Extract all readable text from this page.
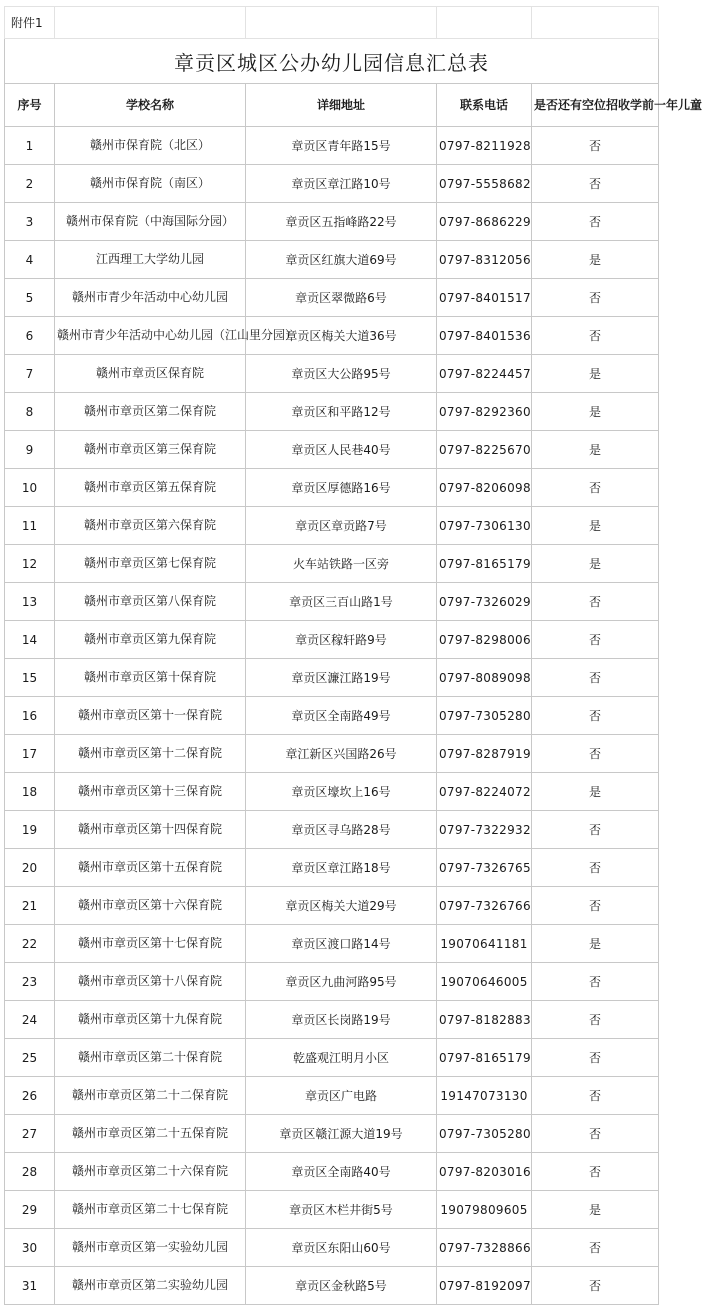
附件1				
章贡区城区公办幼儿园信息汇总表				
序号	学校名称	详细地址	联系电话	是否还有空位招收学前一年儿童
1	赣州市保育院（北区）	章贡区青年路15号	0797-8211928	否
2	赣州市保育院（南区）	章贡区章江路10号	0797-5558682	否
3	赣州市保育院（中海国际分园）	章贡区五指峰路22号	0797-8686229	否
4	江西理工大学幼儿园	章贡区红旗大道69号	0797-8312056	是
5	赣州市青少年活动中心幼儿园	章贡区翠微路6号	0797-8401517	否
6	赣州市青少年活动中心幼儿园（江山里分园）	章贡区梅关大道36号	0797-8401536	否
7	赣州市章贡区保育院	章贡区大公路95号	0797-8224457	是
8	赣州市章贡区第二保育院	章贡区和平路12号	0797-8292360	是
9	赣州市章贡区第三保育院	章贡区人民巷40号	0797-8225670	是
10	赣州市章贡区第五保育院	章贡区厚德路16号	0797-8206098	否
11	赣州市章贡区第六保育院	章贡区章贡路7号	0797-7306130	是
12	赣州市章贡区第七保育院	火车站铁路一区旁	0797-8165179	是
13	赣州市章贡区第八保育院	章贡区三百山路1号	0797-7326029	否
14	赣州市章贡区第九保育院	章贡区稼轩路9号	0797-8298006	否
15	赣州市章贡区第十保育院	章贡区濂江路19号	0797-8089098	否
16	赣州市章贡区第十一保育院	章贡区全南路49号	0797-7305280	否
17	赣州市章贡区第十二保育院	章江新区兴国路26号	0797-8287919	否
18	赣州市章贡区第十三保育院	章贡区壕坎上16号	0797-8224072	是
19	赣州市章贡区第十四保育院	章贡区寻乌路28号	0797-7322932	否
20	赣州市章贡区第十五保育院	章贡区章江路18号	0797-7326765	否
21	赣州市章贡区第十六保育院	章贡区梅关大道29号	0797-7326766	否
22	赣州市章贡区第十七保育院	章贡区渡口路14号	19070641181	是
23	赣州市章贡区第十八保育院	章贡区九曲河路95号	19070646005	否
24	赣州市章贡区第十九保育院	章贡区长岗路19号	0797-8182883	否
25	赣州市章贡区第二十保育院	乾盛观江明月小区	0797-8165179	否
26	赣州市章贡区第二十二保育院	章贡区广电路	19147073130	否
27	赣州市章贡区第二十五保育院	章贡区赣江源大道19号	0797-7305280	否
28	赣州市章贡区第二十六保育院	章贡区全南路40号	0797-8203016	否
29	赣州市章贡区第二十七保育院	章贡区木栏井街5号	19079809605	是
30	赣州市章贡区第一实验幼儿园	章贡区东阳山60号	0797-7328866	否
31	赣州市章贡区第二实验幼儿园	章贡区金秋路5号	0797-8192097	否
